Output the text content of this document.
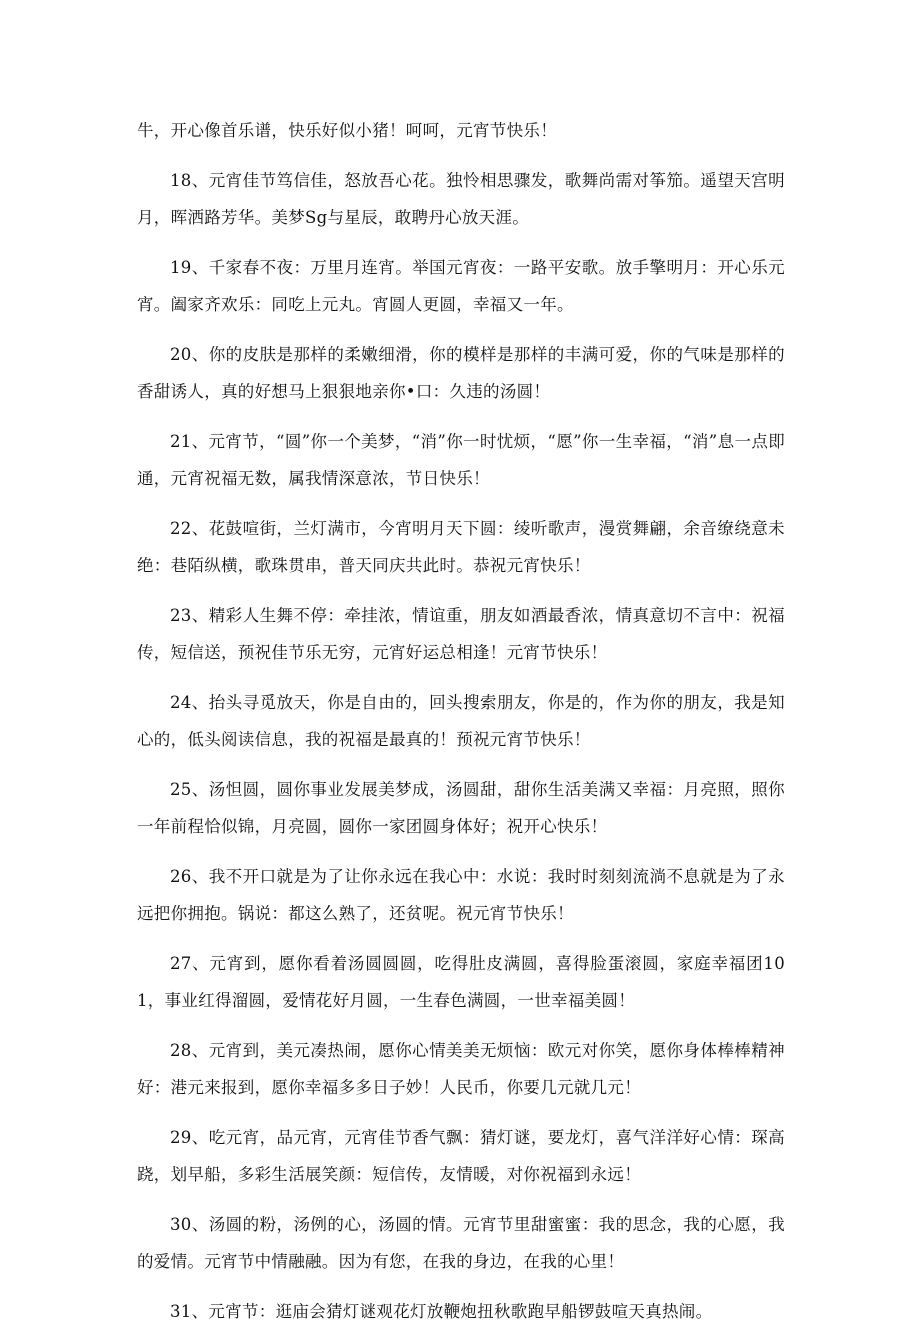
牛，开心像首乐谱，快乐好似小猪！呵呵，元宵节快乐！

18、元宵佳节笃信佳，怒放吾心花。独怜相思骤发，歌舞尚需对筝笳。遥望天宫明月，晖洒路芳华。美梦Sg与星辰，敢聘丹心放天涯。

19、千家春不夜：万里月连宵。举国元宵夜：一路平安歌。放手擎明月：开心乐元宵。阖家齐欢乐：同吃上元丸。宵圆人更圆，幸福又一年。

20、你的皮肤是那样的柔嫩细滑，你的模样是那样的丰满可爱，你的气味是那样的香甜诱人，真的好想马上狠狠地亲你•口：久违的汤圆！

21、元宵节，“圆”你一个美梦，“消”你一时忧烦，“愿”你一生幸福，“消”息一点即通，元宵祝福无数，属我情深意浓，节日快乐！

22、花鼓喧街，兰灯满市，今宵明月天下圆：绫听歌声，漫赏舞翩，余音缭绕意未绝：巷陌纵横，歌珠贯串，普天同庆共此时。恭祝元宵快乐！

23、精彩人生舞不停：牵挂浓，情谊重，朋友如酒最香浓，情真意切不言中：祝福传，短信送，预祝佳节乐无穷，元宵好运总相逢！元宵节快乐！

24、抬头寻觅放天，你是自由的，回头搜索朋友，你是的，作为你的朋友，我是知心的，低头阅读信息，我的祝福是最真的！预祝元宵节快乐！

25、汤怛圆，圆你事业发展美梦成，汤圆甜，甜你生活美满又幸福：月亮照，照你一年前程恰似锦，月亮圆，圆你一家团圆身体好；祝开心快乐！

26、我不开口就是为了让你永远在我心中：水说：我时时刻刻流淌不息就是为了永远把你拥抱。锅说：都这么熟了，还贫呢。祝元宵节快乐！

27、元宵到，愿你看着汤圆圆圆，吃得肚皮满圆，喜得脸蛋滚圆，家庭幸福团101，事业红得溜圆，爱情花好月圆，一生春色满圆，一世幸福美圆！

28、元宵到，美元凑热闹，愿你心情美美无烦恼：欧元对你笑，愿你身体棒棒精神好：港元来报到，愿你幸福多多日子妙！人民币，你要几元就几元！

29、吃元宵，品元宵，元宵佳节香气飘：猜灯谜，要龙灯，喜气洋洋好心情：琛高跷，划早船，多彩生活展笑颜：短信传，友情暖，对你祝福到永远！

30、汤圆的粉，汤例的心，汤圆的情。元宵节里甜蜜蜜：我的思念，我的心愿，我的爱情。元宵节中情融融。因为有您，在我的身边，在我的心里！

31、元宵节：逛庙会猜灯谜观花灯放鞭炮扭秋歌跑早船锣鼓喧天真热闹。
